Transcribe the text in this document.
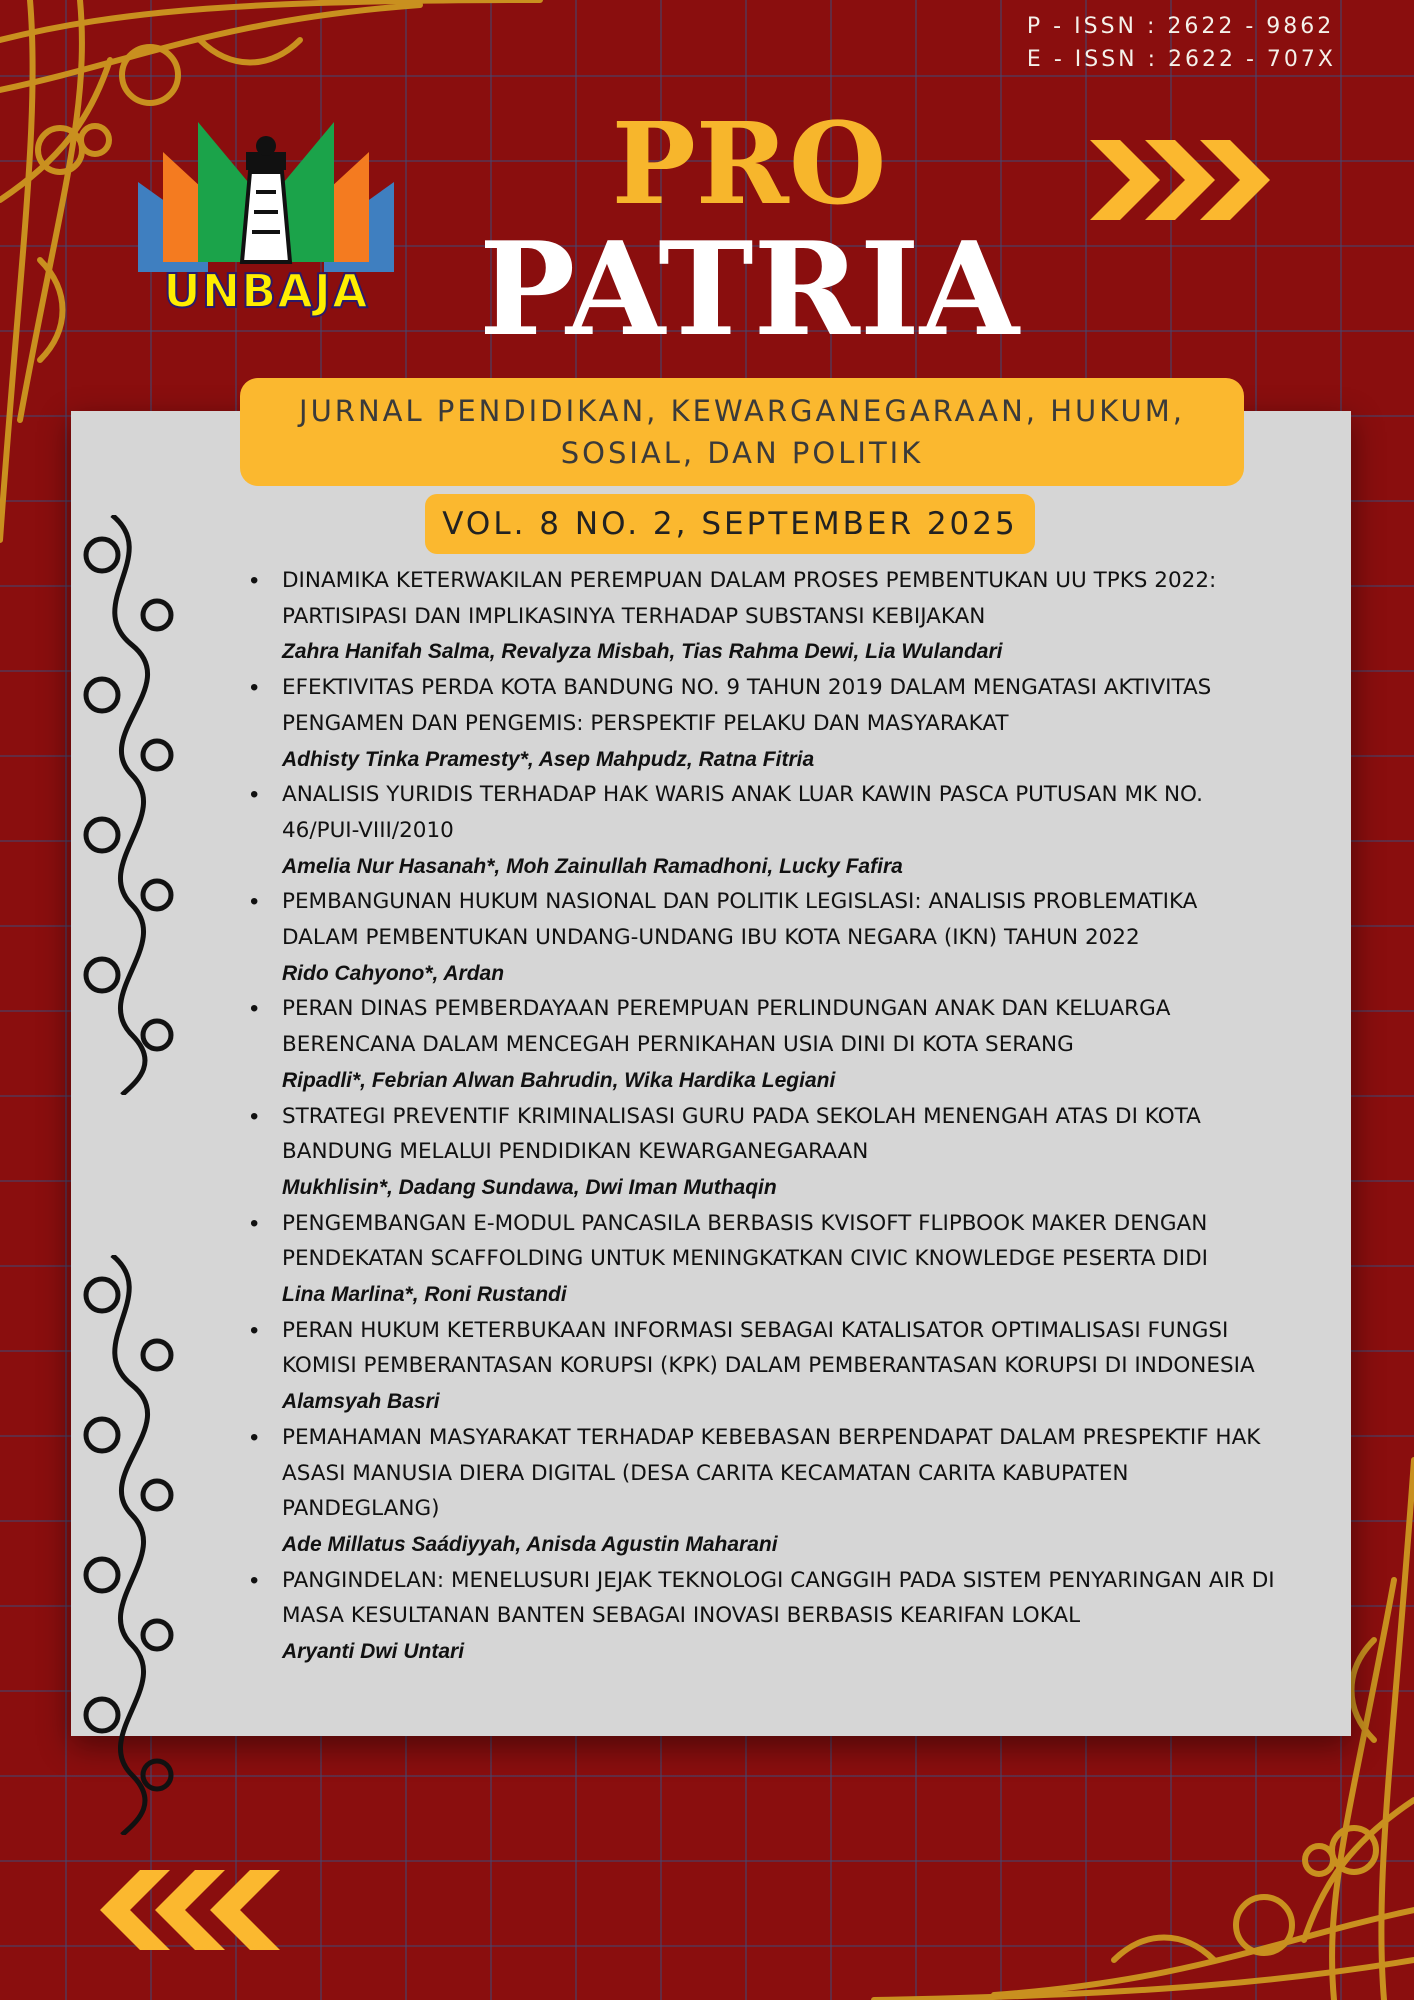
P - ISSN : 2622 - 9862
E - ISSN : 2622 - 707X
UNBAJA
PRO
PATRIA
JURNAL PENDIDIKAN, KEWARGANEGARAAN, HUKUM, SOSIAL, DAN POLITIK
VOL. 8 NO. 2, SEPTEMBER 2025
• DINAMIKA KETERWAKILAN PEREMPUAN DALAM PROSES PEMBENTUKAN UU TPKS 2022: PARTISIPASI DAN IMPLIKASINYA TERHADAP SUBSTANSI KEBIJAKAN
Zahra Hanifah Salma, Revalyza Misbah, Tias Rahma Dewi, Lia Wulandari
• EFEKTIVITAS PERDA KOTA BANDUNG NO. 9 TAHUN 2019 DALAM MENGATASI AKTIVITAS PENGAMEN DAN PENGEMIS: PERSPEKTIF PELAKU DAN MASYARAKAT
Adhisty Tinka Pramesty*, Asep Mahpudz, Ratna Fitria
• ANALISIS YURIDIS TERHADAP HAK WARIS ANAK LUAR KAWIN PASCA PUTUSAN MK NO. 46/PUI-VIII/2010
Amelia Nur Hasanah*, Moh Zainullah Ramadhoni, Lucky Fafira
• PEMBANGUNAN HUKUM NASIONAL DAN POLITIK LEGISLASI: ANALISIS PROBLEMATIKA DALAM PEMBENTUKAN UNDANG-UNDANG IBU KOTA NEGARA (IKN) TAHUN 2022
Rido Cahyono*, Ardan
• PERAN DINAS PEMBERDAYAAN PEREMPUAN PERLINDUNGAN ANAK DAN KELUARGA BERENCANA DALAM MENCEGAH PERNIKAHAN USIA DINI DI KOTA SERANG
Ripadli*, Febrian Alwan Bahrudin, Wika Hardika Legiani
• STRATEGI PREVENTIF KRIMINALISASI GURU PADA SEKOLAH MENENGAH ATAS DI KOTA BANDUNG MELALUI PENDIDIKAN KEWARGANEGARAAN
Mukhlisin*, Dadang Sundawa, Dwi Iman Muthaqin
• PENGEMBANGAN E-MODUL PANCASILA BERBASIS KVISOFT FLIPBOOK MAKER DENGAN PENDEKATAN SCAFFOLDING UNTUK MENINGKATKAN CIVIC KNOWLEDGE PESERTA DIDI
Lina Marlina*, Roni Rustandi
• PERAN HUKUM KETERBUKAAN INFORMASI SEBAGAI KATALISATOR OPTIMALISASI FUNGSI KOMISI PEMBERANTASAN KORUPSI (KPK) DALAM PEMBERANTASAN KORUPSI DI INDONESIA
Alamsyah Basri
• PEMAHAMAN MASYARAKAT TERHADAP KEBEBASAN BERPENDAPAT DALAM PRESPEKTIF HAK ASASI MANUSIA DIERA DIGITAL (DESA CARITA KECAMATAN CARITA KABUPATEN PANDEGLANG)
Ade Millatus Saádiyyah, Anisda Agustin Maharani
• PANGINDELAN: MENELUSURI JEJAK TEKNOLOGI CANGGIH PADA SISTEM PENYARINGAN AIR DI MASA KESULTANAN BANTEN SEBAGAI INOVASI BERBASIS KEARIFAN LOKAL
Aryanti Dwi Untari
